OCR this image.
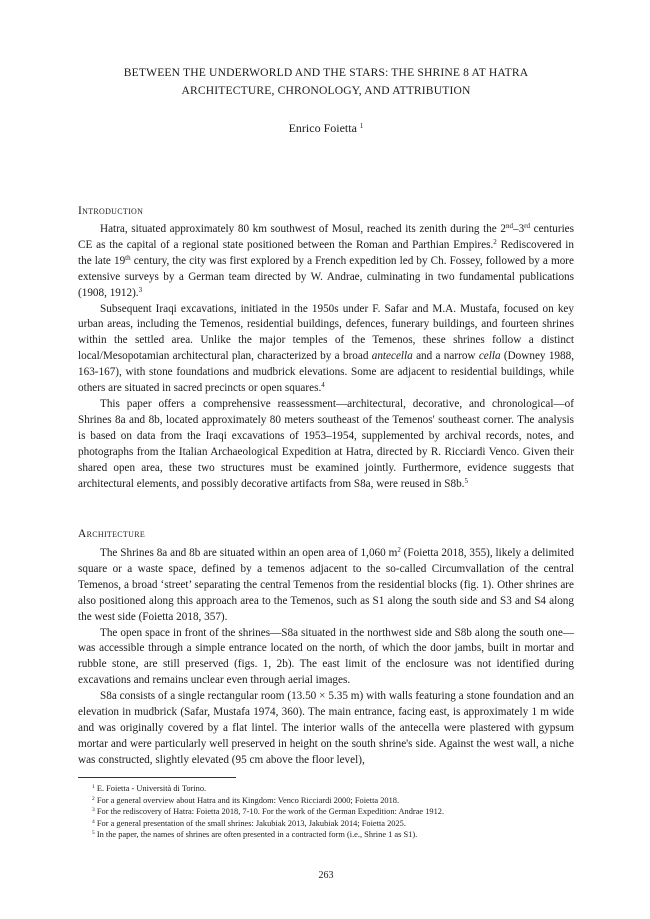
BETWEEN THE UNDERWORLD AND THE STARS: THE SHRINE 8 AT HATRA
ARCHITECTURE, CHRONOLOGY, AND ATTRIBUTION
Enrico Foietta $^1$
Introduction

Hatra, situated approximately 80 km southwest of Mosul, reached its zenith during the 2nd–3rd centuries CE as the capital of a regional state positioned between the Roman and Parthian Empires.$^2$ Rediscovered in the late 19th century, the city was first explored by a French expedition led by Ch. Fossey, followed by a more extensive surveys by a German team directed by W. Andrae, culminating in two fundamental publications (1908, 1912).$^3$

Subsequent Iraqi excavations, initiated in the 1950s under F. Safar and M.A. Mustafa, focused on key urban areas, including the Temenos, residential buildings, defences, funerary buildings, and fourteen shrines within the settled area. Unlike the major temples of the Temenos, these shrines follow a distinct local/Mesopotamian architectural plan, characterized by a broad antecella and a narrow cella (Downey 1988, 163-167), with stone foundations and mudbrick elevations. Some are adjacent to residential buildings, while others are situated in sacred precincts or open squares.$^4$

This paper offers a comprehensive reassessment—architectural, decorative, and chronological—of Shrines 8a and 8b, located approximately 80 meters southeast of the Temenos' southeast corner. The analysis is based on data from the Iraqi excavations of 1953–1954, supplemented by archival records, notes, and photographs from the Italian Archaeological Expedition at Hatra, directed by R. Ricciardi Venco. Given their shared open area, these two structures must be examined jointly. Furthermore, evidence suggests that architectural elements, and possibly decorative artifacts from S8a, were reused in S8b.$^5$

Architecture

The Shrines 8a and 8b are situated within an open area of 1,060 $m^2$ (Foietta 2018, 355), likely a delimited square or a waste space, defined by a temenos adjacent to the so-called Circumvallation of the central Temenos, a broad ‘street’ separating the central Temenos from the residential blocks (fig. 1). Other shrines are also positioned along this approach area to the Temenos, such as S1 along the south side and S3 and S4 along the west side (Foietta 2018, 357).

The open space in front of the shrines—S8a situated in the northwest side and S8b along the south one—was accessible through a simple entrance located on the north, of which the door jambs, built in mortar and rubble stone, are still preserved (figs. 1, 2b). The east limit of the enclosure was not identified during excavations and remains unclear even through aerial images.

S8a consists of a single rectangular room (13.50 × 5.35 m) with walls featuring a stone foundation and an elevation in mudbrick (Safar, Mustafa 1974, 360). The main entrance, facing east, is approximately 1 m wide and was originally covered by a flat lintel. The interior walls of the antecella were plastered with gypsum mortar and were particularly well preserved in height on the south shrine's side. Against the west wall, a niche was constructed, slightly elevated (95 cm above the floor level),

$^1$ E. Foietta - Università di Torino.
$^2$ For a general overview about Hatra and its Kingdom: Venco Ricciardi 2000; Foietta 2018.
$^3$ For the rediscovery of Hatra: Foietta 2018, 7-10. For the work of the German Expedition: Andrae 1912.
$^4$ For a general presentation of the small shrines: Jakubiak 2013, Jakubiak 2014; Foietta 2025.
$^5$ In the paper, the names of shrines are often presented in a contracted form (i.e., Shrine 1 as S1).
263
